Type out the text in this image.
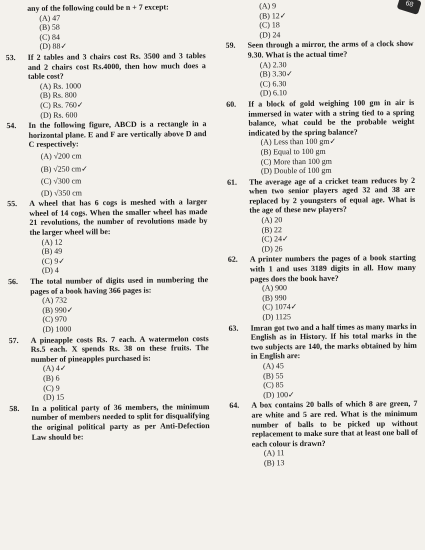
68
any of the following could be n + 7 except:
(A) 47
(B) 58
(C) 84
(D) 88✓
53.	If 2 tables and 3 chairs cost Rs. 3500 and 3 tables and 2 chairs cost Rs.4000, then how much does a table cost?
(A) Rs. 1000
(B) Rs. 800
(C) Rs. 760✓
(D) Rs. 600
54.	In the following figure, ABCD is a rectangle in a horizontal plane. E and F are vertically above D and C respectively:
(A) √200 cm
(B) √250 cm✓
(C) √300 cm
(D) √350 cm
55.	A wheel that has 6 cogs is meshed with a larger wheel of 14 cogs. When the smaller wheel has made 21 revolutions, the number of revolutions made by the larger wheel will be:
(A) 12
(B) 49
(C) 9✓
(D) 4
56.	The total number of digits used in numbering the pages of a book having 366 pages is:
(A) 732
(B) 990✓
(C) 970
(D) 1000
57.	A pineapple costs Rs. 7 each. A watermelon costs Rs.5 each. X spends Rs. 38 on these fruits. The number of pineapples purchased is:
(A) 4✓
(B) 6
(C) 9
(D) 15
58.	In a political party of 36 members, the minimum number of members needed to split for disqualifying the original political party as per Anti-Defection Law should be:
(A) 9
(B) 12✓
(C) 18
(D) 24
59.	Seen through a mirror, the arms of a clock show 9.30. What is the actual time?
(A) 2.30
(B) 3.30✓
(C) 6.30
(D) 6.10
60.	If a block of gold weighing 100 gm in air is immersed in water with a string tied to a spring balance, what could be the probable weight indicated by the spring balance?
(A) Less than 100 gm✓
(B) Equal to 100 gm
(C) More than 100 gm
(D) Double of 100 gm
61.	The average age of a cricket team reduces by 2 when two senior players aged 32 and 38 are replaced by 2 youngsters of equal age. What is the age of these new players?
(A) 20
(B) 22
(C) 24✓
(D) 26
62.	A printer numbers the pages of a book starting with 1 and uses 3189 digits in all. How many pages does the book have?
(A) 900
(B) 990
(C) 1074✓
(D) 1125
63.	Imran got two and a half times as many marks in English as in History. If his total marks in the two subjects are 140, the marks obtained by him in English are:
(A) 45
(B) 55
(C) 85
(D) 100✓
64.	A box contains 20 balls of which 8 are green, 7 are white and 5 are red. What is the minimum number of balls to be picked up without replacement to make sure that at least one ball of each colour is drawn?
(A) 11
(B) 13
